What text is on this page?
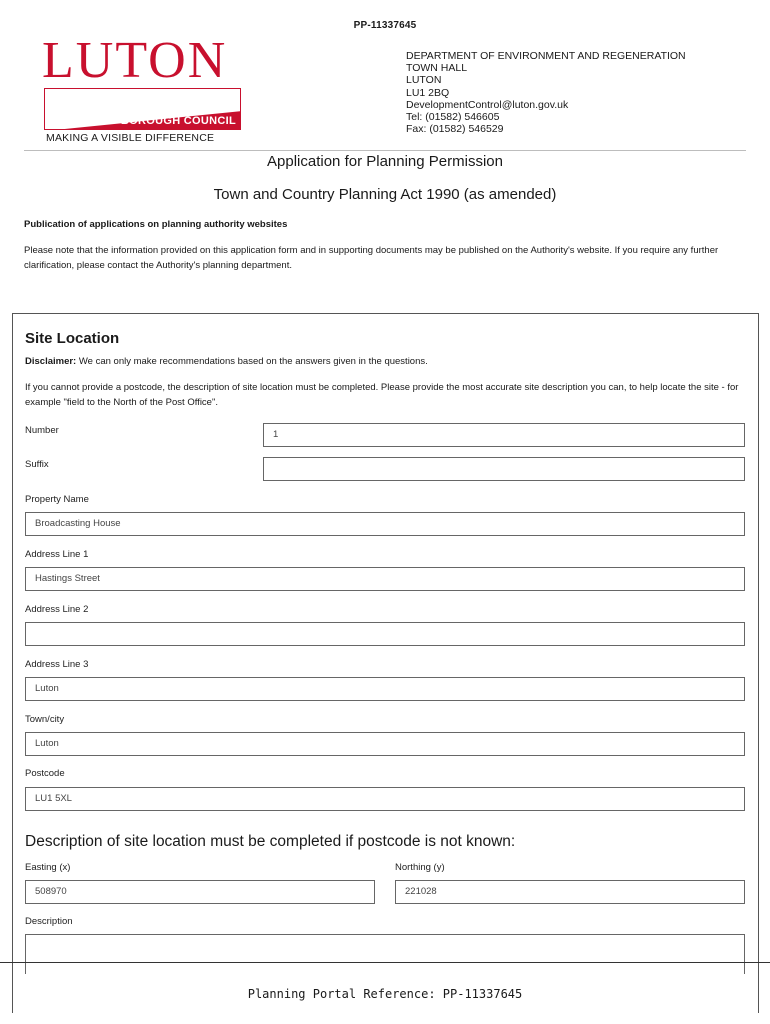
PP-11337645
LUTON
BOROUGH COUNCIL
MAKING A VISIBLE DIFFERENCE
DEPARTMENT OF ENVIRONMENT AND REGENERATION
TOWN HALL
LUTON
LU1 2BQ
DevelopmentControl@luton.gov.uk
Tel: (01582) 546605
Fax: (01582) 546529
Application for Planning Permission
Town and Country Planning Act 1990 (as amended)
Publication of applications on planning authority websites
Please note that the information provided on this application form and in supporting documents may be published on the Authority's website. If you require any further clarification, please contact the Authority's planning department.
Site Location
Disclaimer: We can only make recommendations based on the answers given in the questions.
If you cannot provide a postcode, the description of site location must be completed. Please provide the most accurate site description you can, to help locate the site - for example "field to the North of the Post Office".
Number	1
Suffix
Property Name
Broadcasting House
Address Line 1
Hastings Street
Address Line 2
Address Line 3
Luton
Town/city
Luton
Postcode
LU1 5XL
Description of site location must be completed if postcode is not known:
Easting (x)
508970
Northing (y)
221028
Description
Planning Portal Reference: PP-11337645
